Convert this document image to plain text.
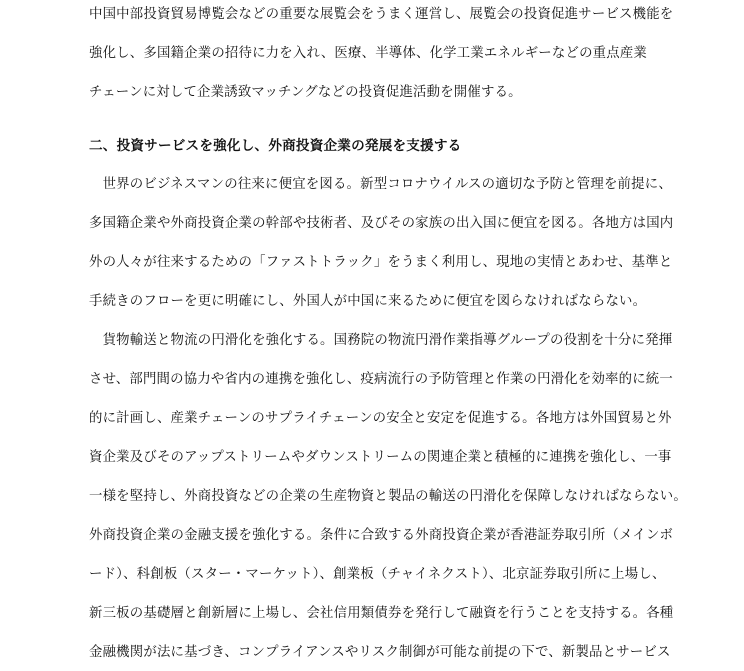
中国中部投資貿易博覧会などの重要な展覧会をうまく運営し、展覧会の投資促進サービス機能を
強化し、多国籍企業の招待に力を入れ、医療、半導体、化学工業エネルギーなどの重点産業
チェーンに対して企業誘致マッチングなどの投資促進活動を開催する。
二、投資サービスを強化し、外商投資企業の発展を支援する
　世界のビジネスマンの往来に便宜を図る。新型コロナウイルスの適切な予防と管理を前提に、
多国籍企業や外商投資企業の幹部や技術者、及びその家族の出入国に便宜を図る。各地方は国内
外の人々が往来するための「ファストトラック」をうまく利用し、現地の実情とあわせ、基準と
手続きのフローを更に明確にし、外国人が中国に来るために便宜を図らなければならない。
　貨物輸送と物流の円滑化を強化する。国務院の物流円滑作業指導グループの役割を十分に発揮
させ、部門間の協力や省内の連携を強化し、疫病流行の予防管理と作業の円滑化を効率的に統一
的に計画し、産業チェーンのサプライチェーンの安全と安定を促進する。各地方は外国貿易と外
資企業及びそのアップストリームやダウンストリームの関連企業と積極的に連携を強化し、一事
一様を堅持し、外商投資などの企業の生産物資と製品の輸送の円滑化を保障しなければならない。
外商投資企業の金融支援を強化する。条件に合致する外商投資企業が香港証券取引所（メインボ
ード）、科創板（スター・マーケット）、創業板（チャイネクスト）、北京証券取引所に上場し、
新三板の基礎層と創新層に上場し、会社信用類債券を発行して融資を行うことを支持する。各種
金融機関が法に基づき、コンプライアンスやリスク制御が可能な前提の下で、新製品とサービス
